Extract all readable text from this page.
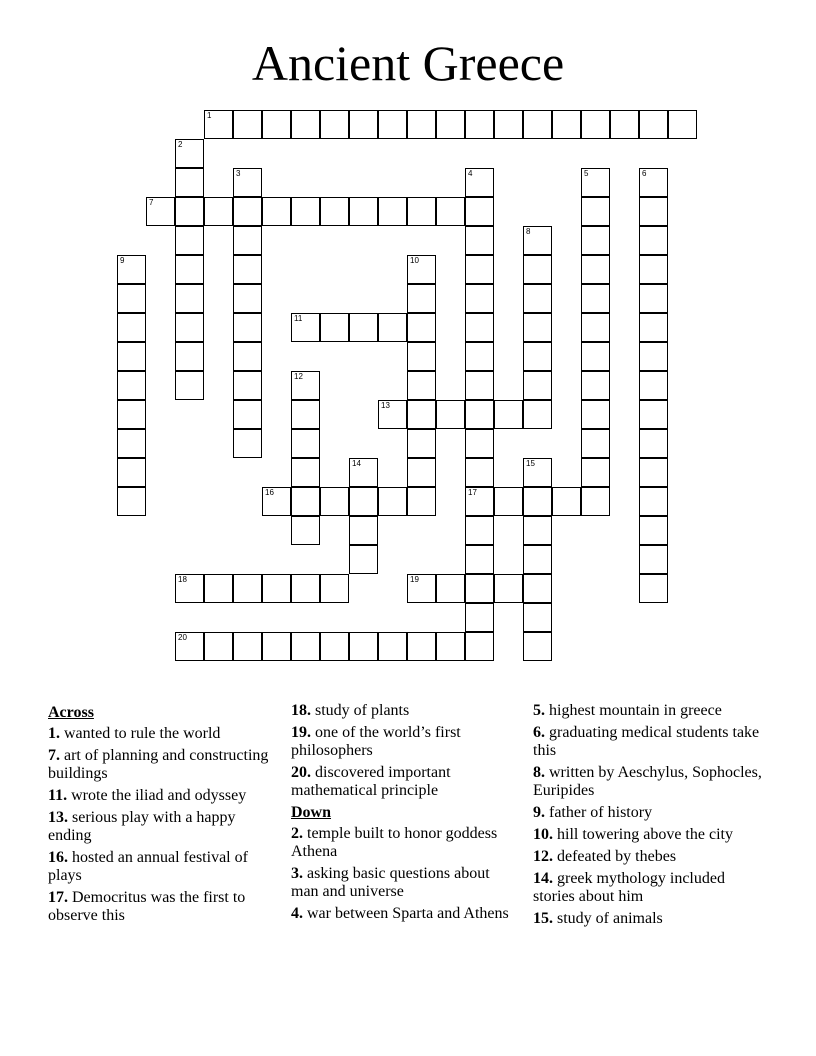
Ancient Greece
1
2
3	4	5	6
7
8
9	10
11
12
13
14	15
16	17
18	19
20
Across
1. wanted to rule the world
7. art of planning and constructing buildings
11. wrote the iliad and odyssey
13. serious play with a happy ending
16. hosted an annual festival of plays
17. Democritus was the first to observe this
18. study of plants
19. one of the world’s first philosophers
20. discovered important mathematical principle
Down
2. temple built to honor goddess Athena
3. asking basic questions about man and universe
4. war between Sparta and Athens
5. highest mountain in greece
6. graduating medical students take this
8. written by Aeschylus, Sophocles, Euripides
9. father of history
10. hill towering above the city
12. defeated by thebes
14. greek mythology included stories about him
15. study of animals
